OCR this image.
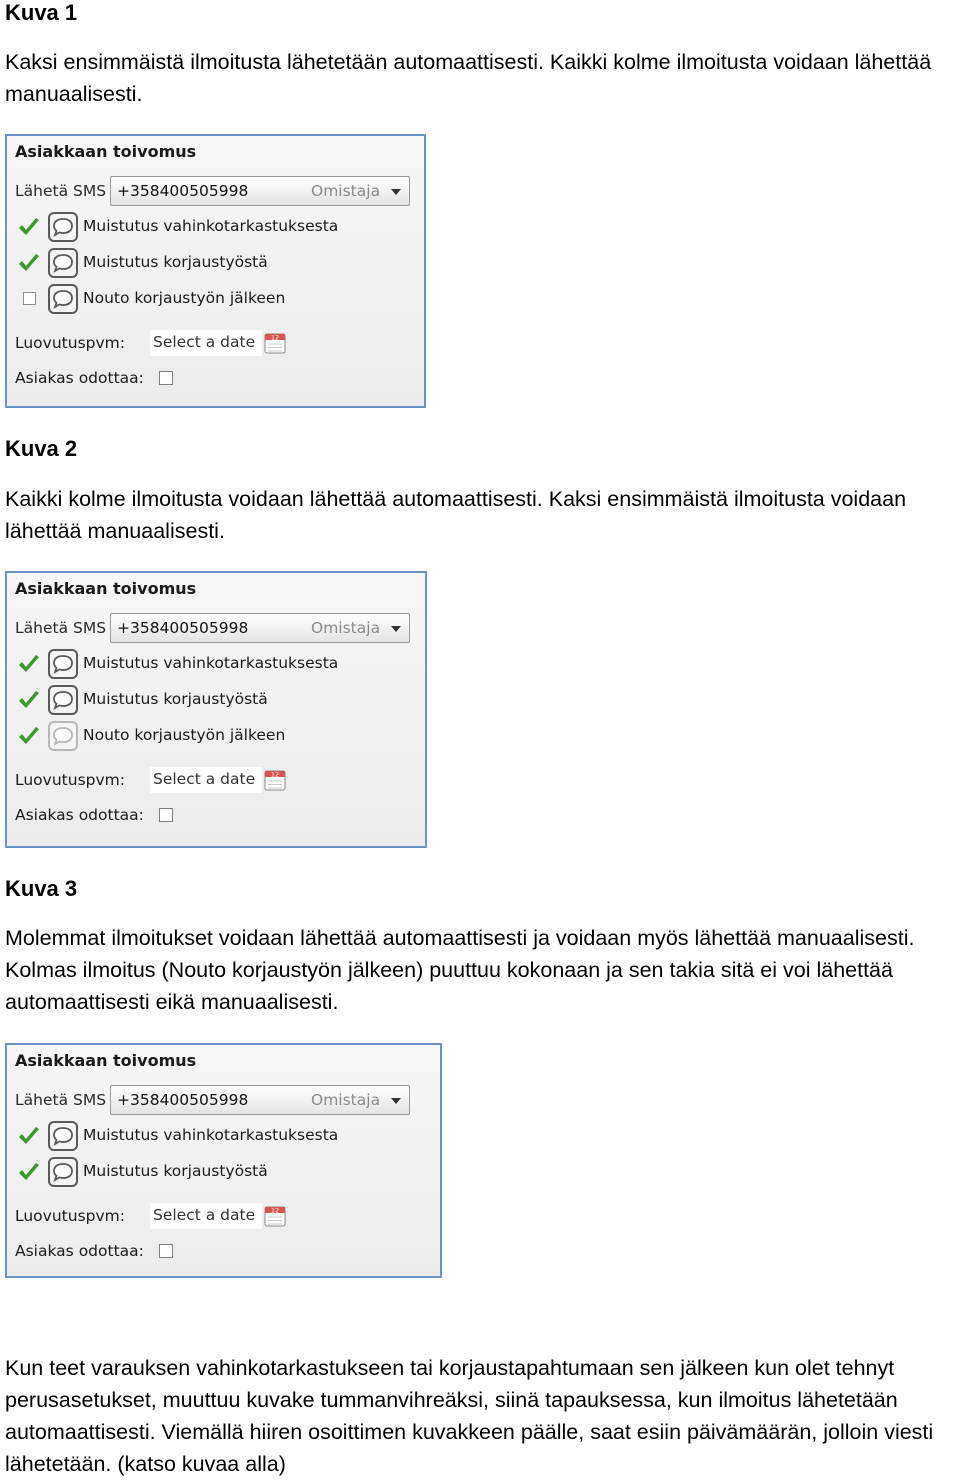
Kuva 1

Kaksi ensimmäistä ilmoitusta lähetetään automaattisesti. Kaikki kolme ilmoitusta voidaan lähettää manuaalisesti.

Asiakkaan toivomus
Lähetä SMS +358400505998	Omistaja
Muistutus vahinkotarkastuksesta
Muistutus korjaustyöstä
Nouto korjaustyön jälkeen
Luovutuspvm: Select a date 12
Asiakas odottaa:
Kuva 2

Kaikki kolme ilmoitusta voidaan lähettää automaattisesti. Kaksi ensimmäistä ilmoitusta voidaan lähettää manuaalisesti.

Asiakkaan toivomus
Lähetä SMS +358400505998	Omistaja
Muistutus vahinkotarkastuksesta
Muistutus korjaustyöstä
Nouto korjaustyön jälkeen
Luovutuspvm: Select a date 12
Asiakas odottaa:
Kuva 3

Molemmat ilmoitukset voidaan lähettää automaattisesti ja voidaan myös lähettää manuaalisesti. Kolmas ilmoitus (Nouto korjaustyön jälkeen) puuttuu kokonaan ja sen takia sitä ei voi lähettää automaattisesti eikä manuaalisesti.

Asiakkaan toivomus
Lähetä SMS +358400505998	Omistaja
Muistutus vahinkotarkastuksesta
Muistutus korjaustyöstä
Luovutuspvm: Select a date 12
Asiakas odottaa:

Kun teet varauksen vahinkotarkastukseen tai korjaustapahtumaan sen jälkeen kun olet tehnyt perusasetukset, muuttuu kuvake tummanvihreäksi, siinä tapauksessa, kun ilmoitus lähetetään automaattisesti. Viemällä hiiren osoittimen kuvakkeen päälle, saat esiin päivämäärän, jolloin viesti lähetetään. (katso kuvaa alla)
